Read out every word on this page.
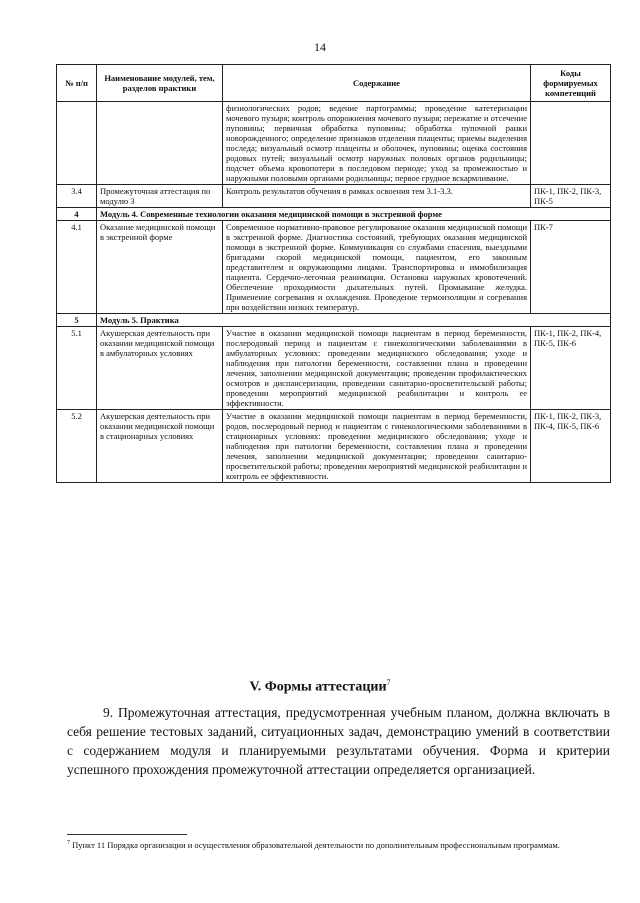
14
№ п/п	Наименование модулей, тем, разделов практики	Содержание	Коды формируемых компетенций
		физиологических родов; ведение партограммы; проведение катетеризации мочевого пузыря; контроль опорожнения мочевого пузыря; пережатие и отсечение пуповины; первичная обработка пуповины; обработка пупочной ранки новорожденного; определение признаков отделения плаценты; приемы выделения последа; визуальный осмотр плаценты и оболочек, пуповины; оценка состояния родовых путей; визуальный осмотр наружных половых органов родильницы; подсчет объема кровопотери в последовом периоде; уход за промежностью и наружными половыми органами родильницы; первое грудное вскармливание.	
3.4	Промежуточная аттестация по модулю 3	Контроль результатов обучения в рамках освоения тем 3.1-3.3.	ПК-1, ПК-2, ПК-3, ПК-5
4	Модуль 4. Современные технологии оказания медицинской помощи в экстренной форме		
4.1	Оказание медицинской помощи в экстренной форме	Современное нормативно-правовое регулирование оказания медицинской помощи в экстренной форме. Диагностика состояний, требующих оказания медицинской помощи в экстренной форме. Коммуникация со службами спасения, выездными бригадами скорой медицинской помощи, пациентом, его законным представителем и окружающими лицами. Транспортировка и иммобилизация пациента. Сердечно-легочная реанимация. Остановка наружных кровотечений. Обеспечение проходимости дыхательных путей. Промывание желудка. Применение согревания и охлаждения. Проведение термоизоляции и согревания при воздействии низких температур.	ПК-7
5	Модуль 5. Практика		
5.1	Акушерская деятельность при оказании медицинской помощи в амбулаторных условиях	Участие в оказании медицинской помощи пациентам в период беременности, послеродовый период и пациентам с гинекологическими заболеваниями в амбулаторных условиях: проведении медицинского обследования; уходе и наблюдения при патологии беременности, составлении плана и проведении лечения, заполнении медицинской документации; проведении профилактических осмотров и диспансеризации, проведении санитарно-просветительской работы; проведении мероприятий медицинской реабилитации и контроль ее эффективности.	ПК-1, ПК-2, ПК-4, ПК-5, ПК-6
5.2	Акушерская деятельность при оказании медицинской помощи в стационарных условиях	Участие в оказании медицинской помощи пациентам в период беременности, родов, послеродовый период и пациентам с гинекологическими заболеваниями в стационарных условиях: проведении медицинского обследования; уходе и наблюдения при патологии беременности, составлении плана и проведении лечения, заполнении медицинской документации; проведении санитарно-просветительской работы; проведении мероприятий медицинской реабилитации и контроль ее эффективности.	ПК-1, ПК-2, ПК-3, ПК-4, ПК-5, ПК-6
V. Формы аттестации$^7$

9. Промежуточная аттестация, предусмотренная учебным планом, должна включать в себя решение тестовых заданий, ситуационных задач, демонстрацию умений в соответствии с содержанием модуля и планируемыми результатами обучения. Форма и критерии успешного прохождения промежуточной аттестации определяется организацией.

$^7$ Пункт 11 Порядка организации и осуществления образовательной деятельности по дополнительным профессиональным программам.
